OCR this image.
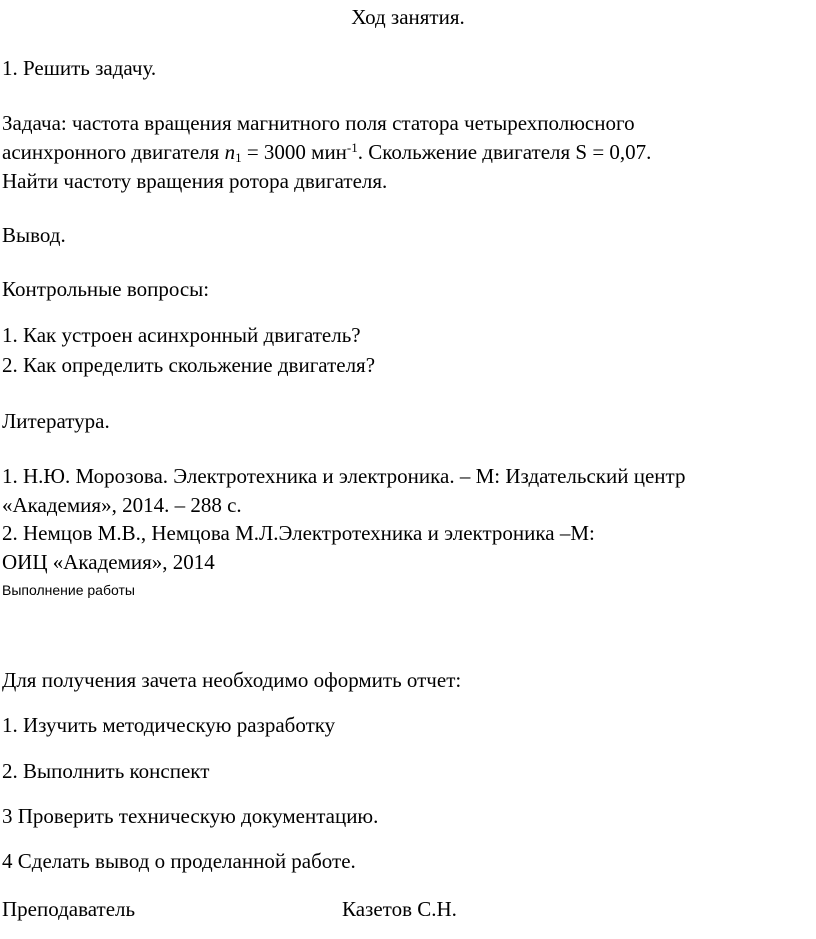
Ход занятия.
1. Решить задачу.
Задача: частота вращения магнитного поля статора четырехполюсного
асинхронного двигателя $n_1 = 3000$ мин$^{-1}$. Скольжение двигателя S = 0,07.
Найти частоту вращения ротора двигателя.
Вывод.
Контрольные вопросы:
1. Как устроен асинхронный двигатель?
2. Как определить скольжение двигателя?
Литература.
1. Н.Ю. Морозова. Электротехника и электроника. – М: Издательский центр
«Академия», 2014. – 288 с.
2. Немцов М.В., Немцова М.Л.Электротехника и электроника –М:
ОИЦ «Академия», 2014
Выполнение работы
Для получения зачета необходимо оформить отчет:
1. Изучить методическую разработку
2. Выполнить конспект
3 Проверить техническую документацию.
4 Сделать вывод о проделанной работе.
Преподаватель	Казетов С.Н.
